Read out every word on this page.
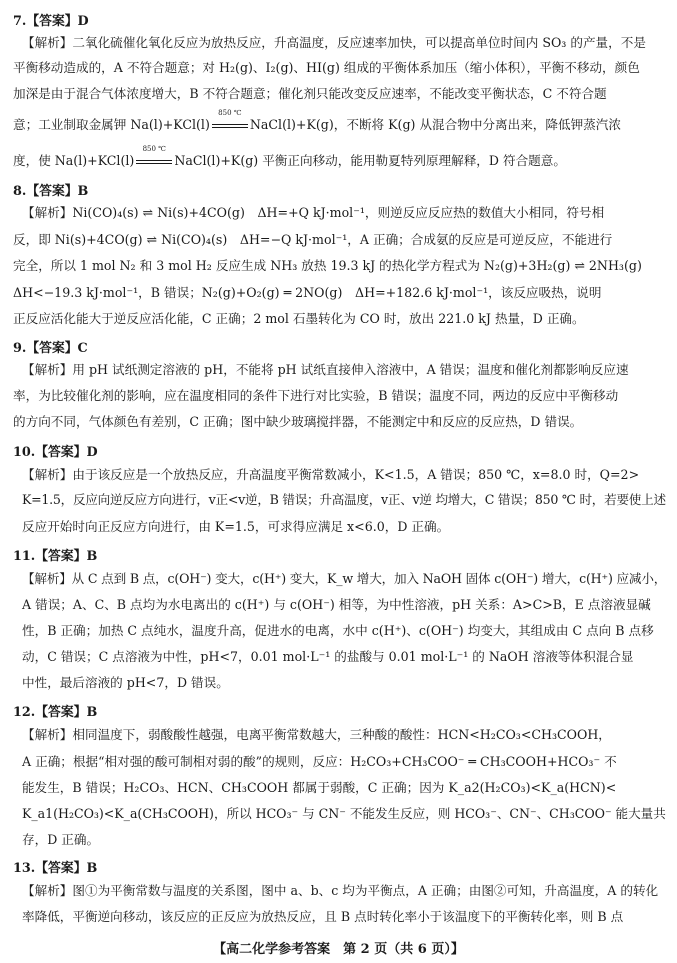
7.【答案】D
【解析】二氧化硫催化氧化反应为放热反应，升高温度，反应速率加快，可以提高单位时间内 SO₃ 的产量，不是
平衡移动造成的，A 不符合题意；对 H₂(g)、I₂(g)、HI(g) 组成的平衡体系加压（缩小体积），平衡不移动，颜色
加深是由于混合气体浓度增大，B 不符合题意；催化剂只能改变反应速率，不能改变平衡状态，C 不符合题
意；工业制取金属钾 Na(l)+KCl(l)
850 ℃
NaCl(l)+K(g)，不断将 K(g) 从混合物中分离出来，降低钾蒸汽浓
度，使 Na(l)+KCl(l)
850 ℃
NaCl(l)+K(g) 平衡正向移动，能用勒夏特列原理解释，D 符合题意。
8.【答案】B
【解析】Ni(CO)₄(s) ⇌ Ni(s)+4CO(g)　ΔH=+Q kJ·mol⁻¹，则逆反应反应热的数值大小相同，符号相
反，即 Ni(s)+4CO(g) ⇌ Ni(CO)₄(s)　ΔH=−Q kJ·mol⁻¹，A 正确；合成氨的反应是可逆反应，不能进行
完全，所以 1 mol N₂ 和 3 mol H₂ 反应生成 NH₃ 放热 19.3 kJ 的热化学方程式为 N₂(g)+3H₂(g) ⇌ 2NH₃(g)
ΔH<−19.3 kJ·mol⁻¹，B 错误；N₂(g)+O₂(g) ═ 2NO(g)　ΔH=+182.6 kJ·mol⁻¹，该反应吸热，说明
正反应活化能大于逆反应活化能，C 正确；2 mol 石墨转化为 CO 时，放出 221.0 kJ 热量，D 正确。
9.【答案】C
【解析】用 pH 试纸测定溶液的 pH，不能将 pH 试纸直接伸入溶液中，A 错误；温度和催化剂都影响反应速
率，为比较催化剂的影响，应在温度相同的条件下进行对比实验，B 错误；温度不同，两边的反应中平衡移动
的方向不同，气体颜色有差别，C 正确；图中缺少玻璃搅拌器，不能测定中和反应的反应热，D 错误。
10.【答案】D
【解析】由于该反应是一个放热反应，升高温度平衡常数减小，K<1.5，A 错误；850 ℃，x=8.0 时，Q=2>
K=1.5，反应向逆反应方向进行，v正<v逆，B 错误；升高温度，v正、v逆 均增大，C 错误；850 ℃ 时，若要使上述
反应开始时向正反应方向进行，由 K=1.5，可求得应满足 x<6.0，D 正确。
11.【答案】B
【解析】从 C 点到 B 点，c(OH⁻) 变大，c(H⁺) 变大，K_w 增大，加入 NaOH 固体 c(OH⁻) 增大，c(H⁺) 应减小，
A 错误；A、C、B 点均为水电离出的 c(H⁺) 与 c(OH⁻) 相等，为中性溶液，pH 关系：A>C>B，E 点溶液显碱
性，B 正确；加热 C 点纯水，温度升高，促进水的电离，水中 c(H⁺)、c(OH⁻) 均变大，其组成由 C 点向 B 点移
动，C 错误；C 点溶液为中性，pH<7，0.01 mol·L⁻¹ 的盐酸与 0.01 mol·L⁻¹ 的 NaOH 溶液等体积混合显
中性，最后溶液的 pH<7，D 错误。
12.【答案】B
【解析】相同温度下，弱酸酸性越强，电离平衡常数越大，三种酸的酸性：HCN<H₂CO₃<CH₃COOH，
A 正确；根据“相对强的酸可制相对弱的酸”的规则，反应：H₂CO₃+CH₃COO⁻ ═ CH₃COOH+HCO₃⁻ 不
能发生，B 错误；H₂CO₃、HCN、CH₃COOH 都属于弱酸，C 正确；因为 K_a2(H₂CO₃)<K_a(HCN)<
K_a1(H₂CO₃)<K_a(CH₃COOH)，所以 HCO₃⁻ 与 CN⁻ 不能发生反应，则 HCO₃⁻、CN⁻、CH₃COO⁻ 能大量共
存，D 正确。
13.【答案】B
【解析】图①为平衡常数与温度的关系图，图中 a、b、c 均为平衡点，A 正确；由图②可知，升高温度，A 的转化
率降低，平衡逆向移动，该反应的正反应为放热反应，且 B 点时转化率小于该温度下的平衡转化率，则 B 点
【高二化学参考答案　第 2 页（共 6 页）】
